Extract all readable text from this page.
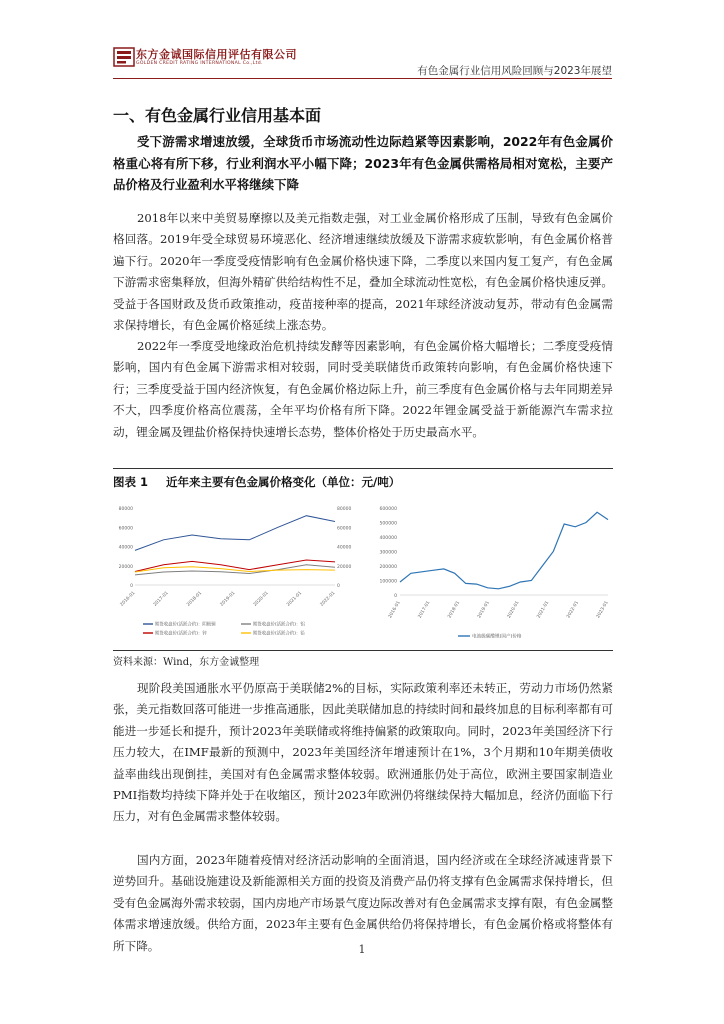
东方金诚国际信用评估有限公司
GOLDEN CREDIT RATING INTERNATIONAL Co.,Ltd.
有色金属行业信用风险回顾与2023年展望
一、有色金属行业信用基本面
受下游需求增速放缓，全球货币市场流动性边际趋紧等因素影响，2022年有色金属价格重心将有所下移，行业利润水平小幅下降；2023年有色金属供需格局相对宽松，主要产品价格及行业盈利水平将继续下降
2018年以来中美贸易摩擦以及美元指数走强，对工业金属价格形成了压制，导致有色金属价格回落。2019年受全球贸易环境恶化、经济增速继续放缓及下游需求疲软影响，有色金属价格普遍下行。2020年一季度受疫情影响有色金属价格快速下降，二季度以来国内复工复产，有色金属下游需求密集释放，但海外精矿供给结构性不足，叠加全球流动性宽松，有色金属价格快速反弹。受益于各国财政及货币政策推动，疫苗接种率的提高，2021年球经济波动复苏，带动有色金属需求保持增长，有色金属价格延续上涨态势。
2022年一季度受地缘政治危机持续发酵等因素影响，有色金属价格大幅增长；二季度受疫情影响，国内有色金属下游需求相对较弱，同时受美联储货币政策转向影响，有色金属价格快速下行；三季度受益于国内经济恢复，有色金属价格边际上升，前三季度有色金属价格与去年同期差异不大，四季度价格高位震荡，全年平均价格有所下降。2022年锂金属受益于新能源汽车需求拉动，锂金属及锂盐价格保持快速增长态势，整体价格处于历史最高水平。
图表 1 近年来主要有色金属价格变化（单位：元/吨）
80000
60000
40000
20000
0
80000
60000
40000
20000
0
2016-01	2017-01	2018-01	2019-01	2020-01	2021-01	2022-01
期货收盘价(活跃合约)：阴极铜	期货收盘价(活跃合约)：铝
期货收盘价(活跃合约)：锌	期货收盘价(活跃合约)：铅
600000
500000
400000
300000
200000
100000
0
2016-01	2017-01	2018-01	2019-01	2020-01	2021-01	2022-01	2023-01
电池级碳酸锂(国产)价格
资料来源：Wind，东方金诚整理
现阶段美国通胀水平仍原高于美联储2%的目标，实际政策利率还未转正，劳动力市场仍然紧张，美元指数回落可能进一步推高通胀，因此美联储加息的持续时间和最终加息的目标利率都有可能进一步延长和提升，预计2023年美联储或将维持偏紧的政策取向。同时，2023年美国经济下行压力较大，在IMF最新的预测中，2023年美国经济年增速预计在1%，3个月期和10年期美债收益率曲线出现倒挂，美国对有色金属需求整体较弱。欧洲通胀仍处于高位，欧洲主要国家制造业PMI指数均持续下降并处于在收缩区，预计2023年欧洲仍将继续保持大幅加息，经济仍面临下行压力，对有色金属需求整体较弱。
国内方面，2023年随着疫情对经济活动影响的全面消退，国内经济或在全球经济减速背景下逆势回升。基础设施建设及新能源相关方面的投资及消费产品仍将支撑有色金属需求保持增长，但受有色金属海外需求较弱，国内房地产市场景气度边际改善对有色金属需求支撑有限，有色金属整体需求增速放缓。供给方面，2023年主要有色金属供给仍将保持增长，有色金属价格或将整体有所下降。	1
